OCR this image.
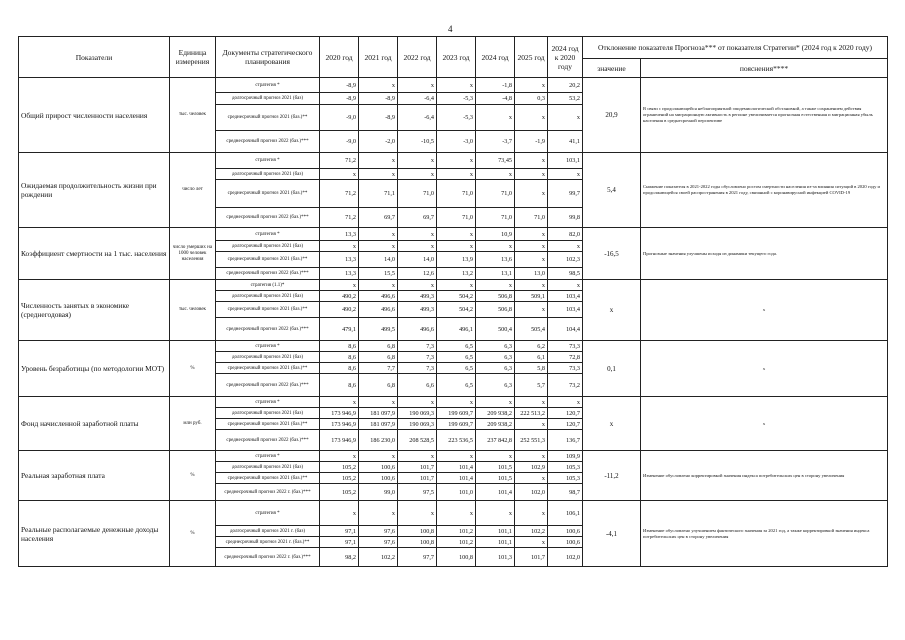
4
Показатели	Единица измерения	Документы стратегического планирования	2020 год	2021 год	2022 год	2023 год	2024 год	2025 год	2024 год к 2020 году	Отклонение показателя Прогноза*** от показателя Стратегии* (2024 год к 2020 году)	
										значение	пояснения****
Общий прирост численности населения	тыс. человек	стратегия *	-8,9	x	x	x	-1,8	x	20,2	20,9	В связи с продолжающейся неблагоприятной эпидемиологической обстановкой, а также сохранением действия ограничений на миграционную активность в регионе увеличивается прогнозная естественная и миграционная убыль населения в среднесрочной перспективе
		долгосрочный прогноз 2021 (баз)	-8,9	-8,9	-6,4	-5,3	-4,8	0,3	53,2		
		среднесрочный прогноз 2021 (баз.)**	-9,0	-8,9	-6,4	-5,3	x	x	x		
		среднесрочный прогноз 2022 (баз.)***	-9,0	-2,0	-10,5	-3,0	-3,7	-1,9	41,1		
Ожидаемая продолжительность жизни при рождении	число лет	стратегия *	71,2	x	x	x	73,45	x	103,1	5,4	Снижение показателя в 2021-2022 годы обусловлено ростом смертности населения из-за влияния ситуаций в 2020 году и продолжающейся своей распространения в 2021 году, связанной с коронавирусной инфекцией COVID-19
		долгосрочный прогноз 2021 (баз)	x	x	x	x	x	x	x		
		среднесрочный прогноз 2021 (баз.)**	71,2	71,1	71,0	71,0	71,0	x	99,7		
		среднесрочный прогноз 2022 (баз.)***	71,2	69,7	69,7	71,0	71,0	71,0	99,8		
Коэффициент смертности на 1 тыс. населения	число умерших на 1000 человек населения	стратегия *	13,3	x	x	x	10,9	x	82,0	-16,5	Прогнозные значения улучшены исходя из динамики текущего года.
		долгосрочный прогноз 2021 (баз)	x	x	x	x	x	x	x		
		среднесрочный прогноз 2021 (баз.)**	13,3	14,0	14,0	13,9	13,6	x	102,3		
		среднесрочный прогноз 2022 (баз.)***	13,3	15,5	12,6	13,2	13,1	13,0	98,5		
Численность занятых в экономике (среднегодовая)	тыс. человек	стратегия (1.1)*	x	x	x	x	x	x	x	x	x
		долгосрочный прогноз 2021 (баз)	490,2	496,6	499,3	504,2	506,8	509,1	103,4		
		среднесрочный прогноз 2021 (баз.)**	490,2	496,6	499,3	504,2	506,8	x	103,4		
		среднесрочный прогноз 2022 (баз.)***	479,1	499,5	496,6	496,1	500,4	505,4	104,4		
Уровень безработицы (по методологии МОТ)	%	стратегия *	8,6	6,8	7,3	6,5	6,3	6,2	73,3	0,1	x
		долгосрочный прогноз 2021 (баз)	8,6	6,8	7,3	6,5	6,3	6,1	72,8		
		среднесрочный прогноз 2021 (баз.)**	8,6	7,7	7,3	6,5	6,3	5,8	73,3		
		среднесрочный прогноз 2022 (баз.)***	8,6	6,8	6,6	6,5	6,3	5,7	73,2		
Фонд начисленной заработной платы	млн руб.	стратегия *	x	x	x	x	x	x	x	x	x
		долгосрочный прогноз 2021 (баз)	173 946,9	181 097,9	190 069,3	199 609,7	209 938,2	222 513,2	120,7		
		среднесрочный прогноз 2021 (баз.)**	173 946,9	181 097,9	190 069,3	199 609,7	209 938,2	x	120,7		
		среднесрочный прогноз 2022 (баз.)***	173 946,9	186 230,0	208 528,5	223 536,5	237 842,8	252 551,3	136,7		
Реальная заработная плата	%	стратегия *	x	x	x	x	x	x	109,9	-11,2	Изменение обусловлено корректировкой значения индекса потребительских цен в сторону увеличения
		долгосрочный прогноз 2021 (баз)	105,2	100,6	101,7	101,4	101,5	102,9	105,3		
		среднесрочный прогноз 2021 (баз.)**	105,2	100,6	101,7	101,4	101,5	x	105,3		
		среднесрочный прогноз 2022 г. (баз.)***	105,2	99,0	97,5	101,0	101,4	102,0	98,7		
Реальные располагаемые денежные доходы населения	%	стратегия *	x	x	x	x	x	x	106,1	-4,1	Изменение обусловлено улучшением фактического значения за 2021 год, а также корректировкой значения индекса потребительских цен в сторону увеличения
		долгосрочный прогноз 2021 г. (баз)	97,1	97,6	100,8	101,2	101,1	102,2	100,6		
		среднесрочный прогноз 2021 г. (баз.)**	97,1	97,6	100,8	101,2	101,1	x	100,6		
		среднесрочный прогноз 2022 г. (баз.)***	98,2	102,2	97,7	100,8	101,3	101,7	102,0		
